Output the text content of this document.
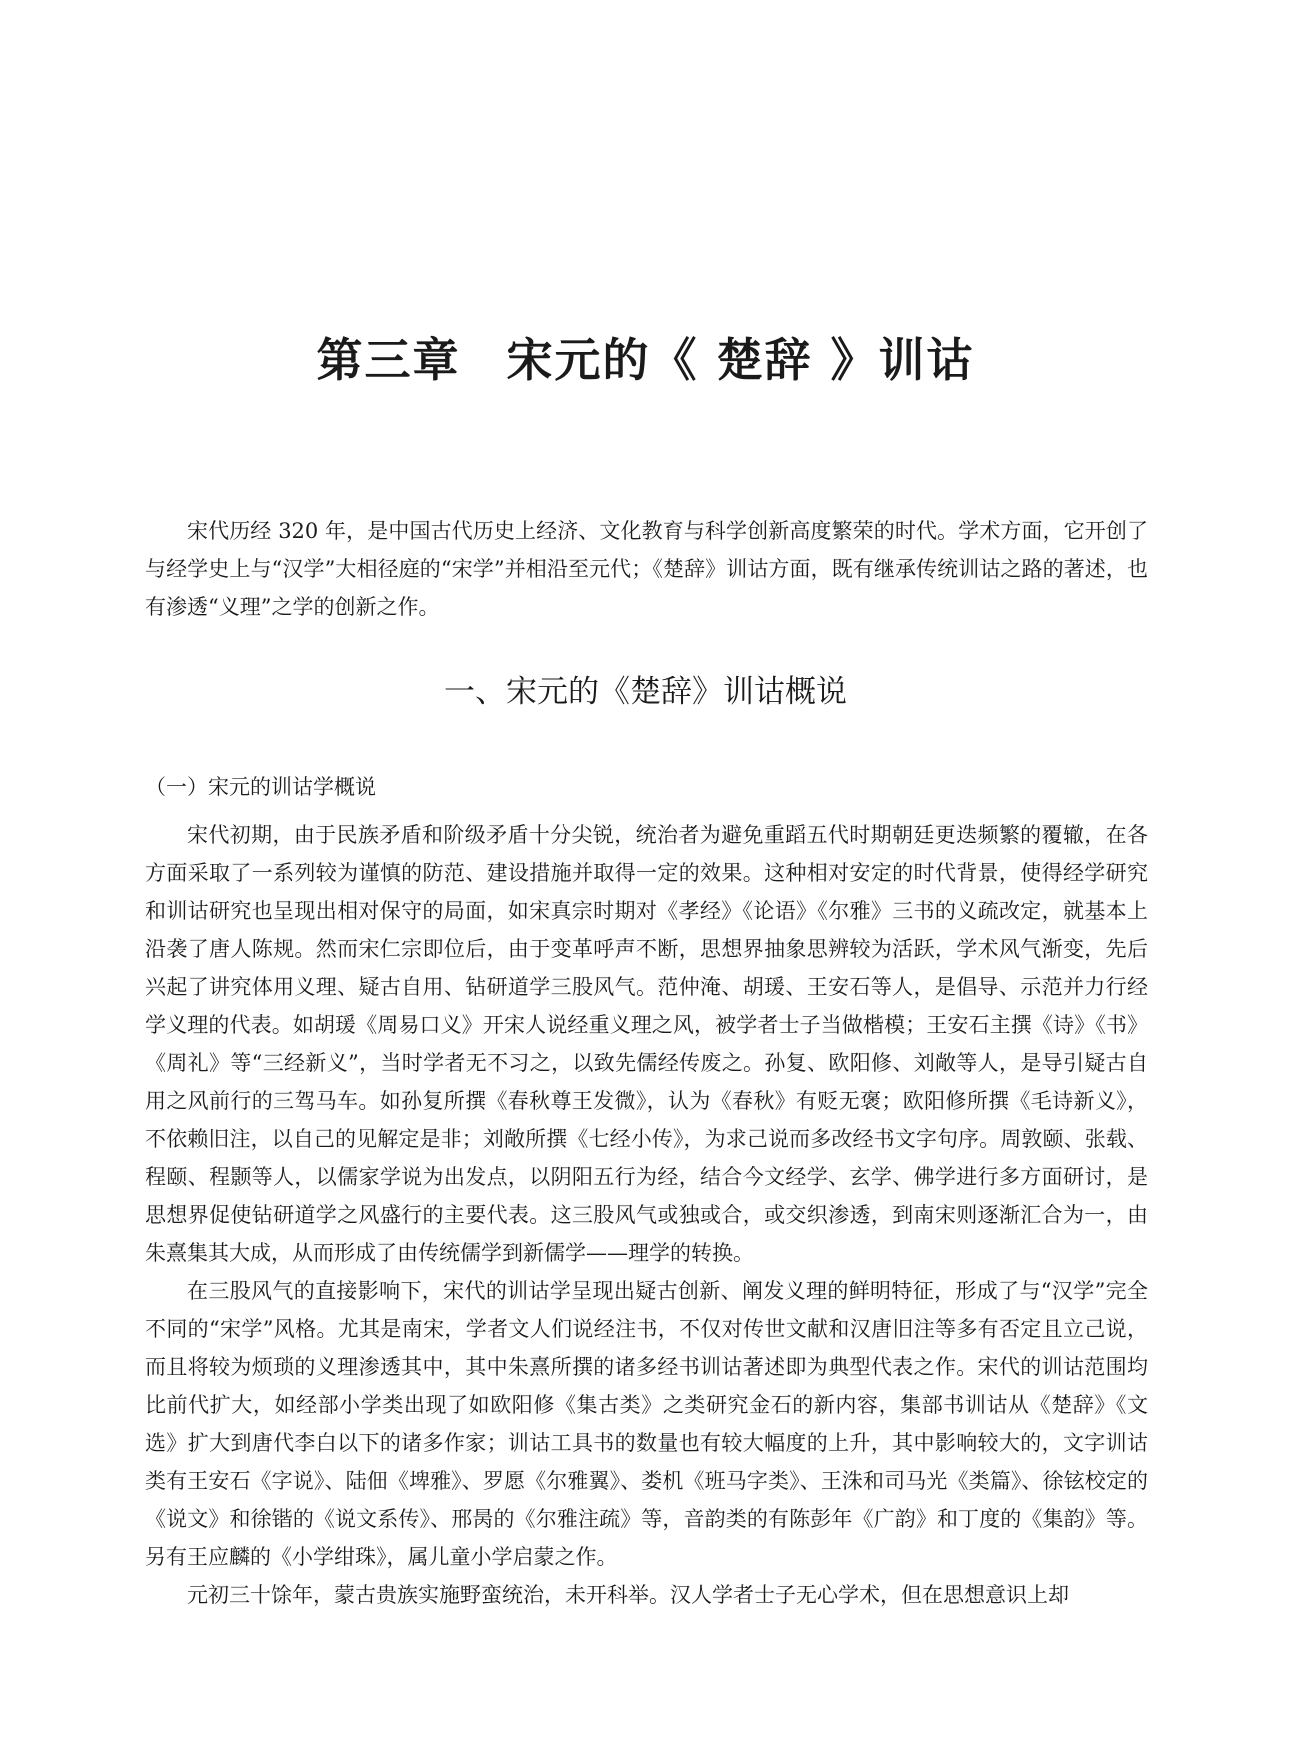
第三章 宋元的《 楚辞 》训诂

宋代历经 320 年，是中国古代历史上经济、文化教育与科学创新高度繁荣的时代。学术方面，它开创了与经学史上与“汉学”大相径庭的“宋学”并相沿至元代；《楚辞》训诂方面，既有继承传统训诂之路的著述，也有渗透“义理”之学的创新之作。

一、宋元的《楚辞》训诂概说
（一）宋元的训诂学概说

宋代初期，由于民族矛盾和阶级矛盾十分尖锐，统治者为避免重蹈五代时期朝廷更迭频繁的覆辙，在各方面采取了一系列较为谨慎的防范、建设措施并取得一定的效果。这种相对安定的时代背景，使得经学研究和训诂研究也呈现出相对保守的局面，如宋真宗时期对《孝经》《论语》《尔雅》三书的义疏改定，就基本上沿袭了唐人陈规。然而宋仁宗即位后，由于变革呼声不断，思想界抽象思辨较为活跃，学术风气渐变，先后兴起了讲究体用义理、疑古自用、钻研道学三股风气。范仲淹、胡瑗、王安石等人，是倡导、示范并力行经学义理的代表。如胡瑗《周易口义》开宋人说经重义理之风，被学者士子当做楷模；王安石主撰《诗》《书》《周礼》等“三经新义”，当时学者无不习之，以致先儒经传废之。孙复、欧阳修、刘敞等人，是导引疑古自用之风前行的三驾马车。如孙复所撰《春秋尊王发微》，认为《春秋》有贬无褒；欧阳修所撰《毛诗新义》，不依赖旧注，以自己的见解定是非；刘敞所撰《七经小传》，为求己说而多改经书文字句序。周敦颐、张载、程颐、程颢等人，以儒家学说为出发点，以阴阳五行为经，结合今文经学、玄学、佛学进行多方面研讨，是思想界促使钻研道学之风盛行的主要代表。这三股风气或独或合，或交织渗透，到南宋则逐渐汇合为一，由朱熹集其大成，从而形成了由传统儒学到新儒学——理学的转换。

在三股风气的直接影响下，宋代的训诂学呈现出疑古创新、阐发义理的鲜明特征，形成了与“汉学”完全不同的“宋学”风格。尤其是南宋，学者文人们说经注书，不仅对传世文献和汉唐旧注等多有否定且立己说，而且将较为烦琐的义理渗透其中，其中朱熹所撰的诸多经书训诂著述即为典型代表之作。宋代的训诂范围均比前代扩大，如经部小学类出现了如欧阳修《集古类》之类研究金石的新内容，集部书训诂从《楚辞》《文选》扩大到唐代李白以下的诸多作家；训诂工具书的数量也有较大幅度的上升，其中影响较大的，文字训诂类有王安石《字说》、陆佃《埤雅》、罗愿《尔雅翼》、娄机《班马字类》、王洙和司马光《类篇》、徐铉校定的《说文》和徐锴的《说文系传》、邢昺的《尔雅注疏》等，音韵类的有陈彭年《广韵》和丁度的《集韵》等。另有王应麟的《小学绀珠》，属儿童小学启蒙之作。

元初三十馀年，蒙古贵族实施野蛮统治，未开科举。汉人学者士子无心学术，但在思想意识上却
